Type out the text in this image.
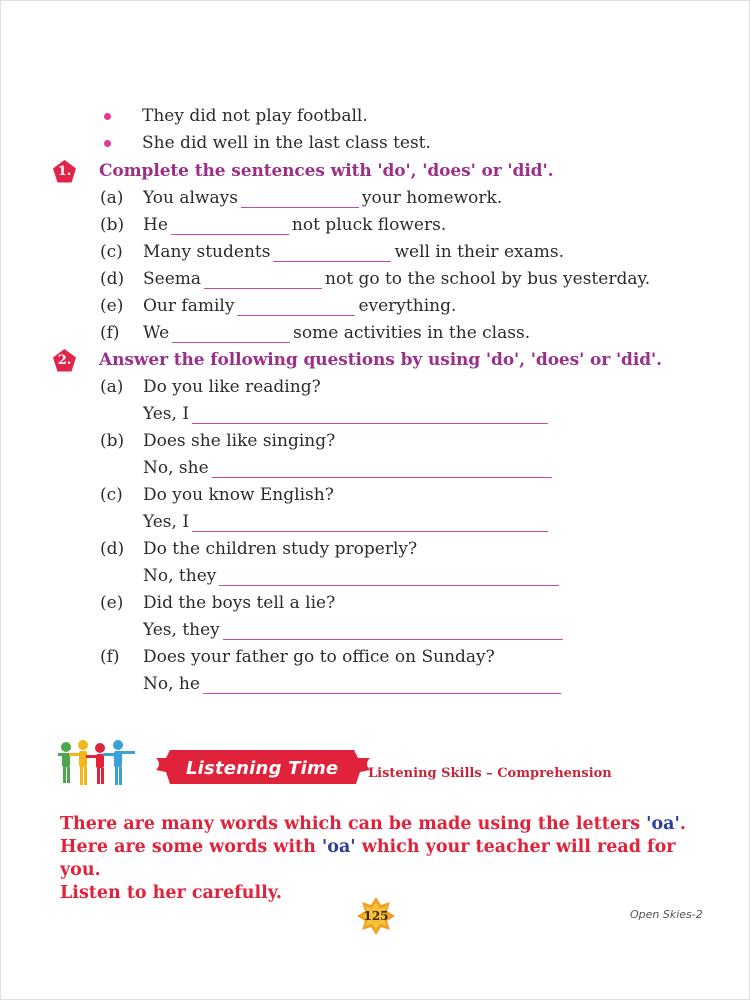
They did not play football.
She did well in the last class test.
1.	Complete the sentences with 'do', 'does' or 'did'.
(a)	You always	your homework.
(b)	He	not pluck flowers.
(c)	Many students	well in their exams.
(d)	Seema	not go to the school by bus yesterday.
(e)	Our family	everything.
(f)	We	some activities in the class.
2.	Answer the following questions by using 'do', 'does' or 'did'.
(a)	Do you like reading?
Yes, I
(b)	Does she like singing?
No, she
(c)	Do you know English?
Yes, I
(d)	Do the children study properly?
No, they
(e)	Did the boys tell a lie?
Yes, they
(f)	Does your father go to office on Sunday?
No, he
Listening Time Listening Skills – Comprehension
There are many words which can be made using the letters 'oa'.
Here are some words with 'oa' which your teacher will read for you.
Listen to her carefully.
125	Open Skies-2
